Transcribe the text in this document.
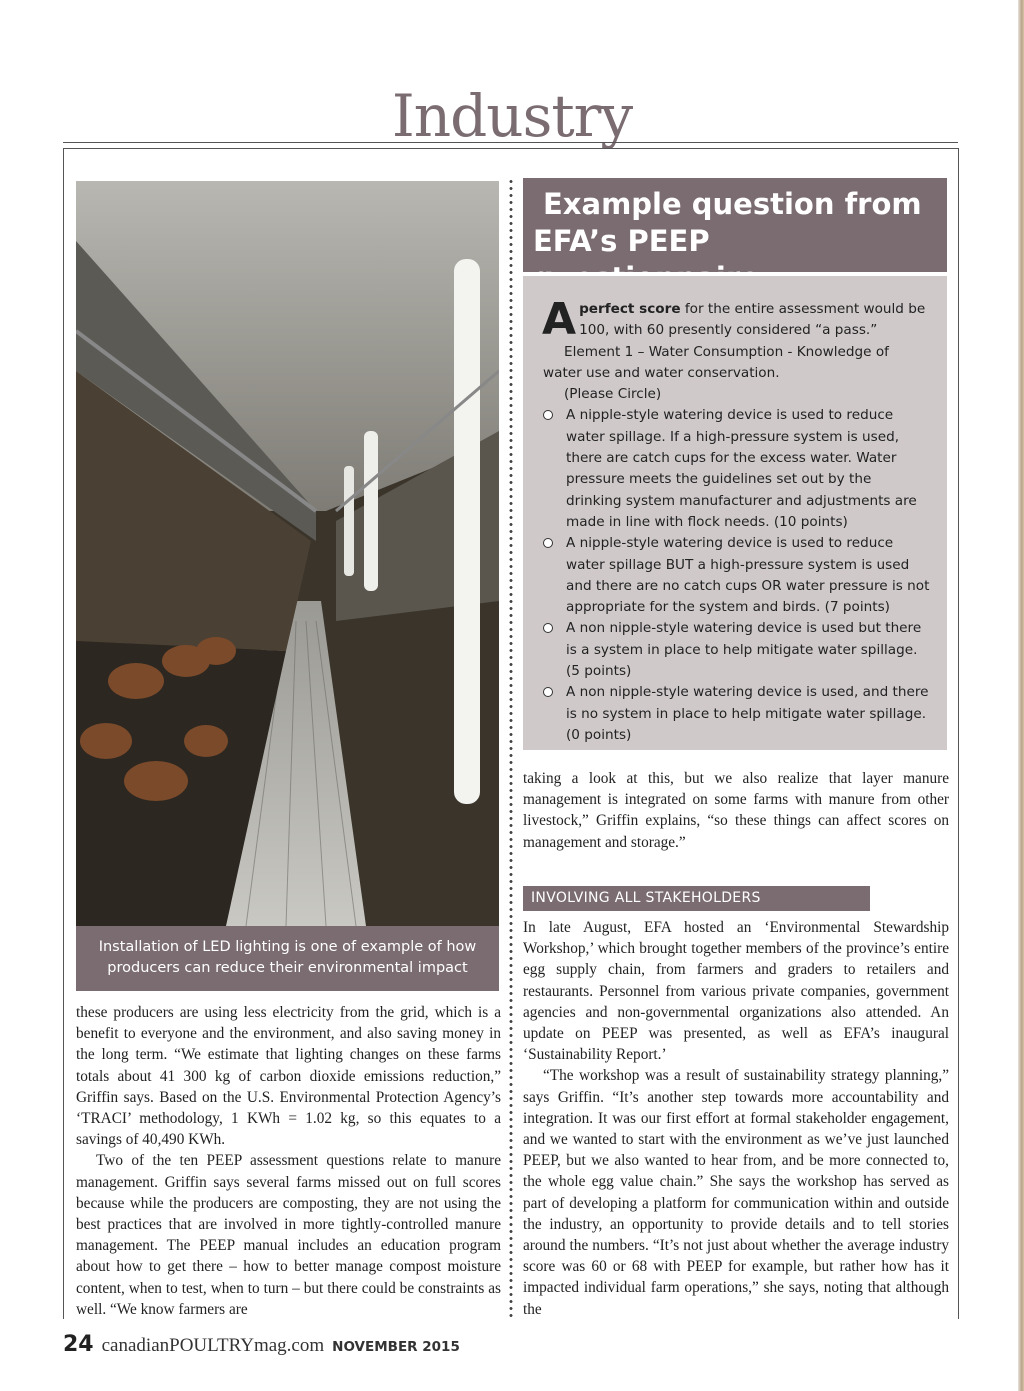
Industry
Installation of LED lighting is one of example of how
producers can reduce their environmental impact

these producers are using less electricity from the grid, which is a benefit to everyone and the environment, and also saving money in the long term. “We estimate that lighting changes on these farms totals about 41 300 kg of carbon dioxide emissions reduction,” Griffin says. Based on the U.S. Environmental Protection Agency’s ‘TRACI’ methodology, 1 KWh = 1.02 kg, so this equates to a savings of 40,490 KWh.

Two of the ten PEEP assessment questions relate to manure management. Griffin says several farms missed out on full scores because while the producers are composting, they are not using the best practices that are involved in more tightly-controlled manure management. The PEEP manual includes an education program about how to get there – how to better manage compost moisture content, when to test, when to turn – but there could be constraints as well. “We know farmers are

Example question from
EFA’s PEEP
Aperfect score for the entire assessment would be 100, with 60 presently considered “a pass.”
Element 1 – Water Consumption - Knowledge of water use and water conservation.
(Please Circle)
A nipple-style watering device is used to reduce water spillage. If a high-pressure system is used, there are catch cups for the excess water. Water pressure meets the guidelines set out by the drinking system manufacturer and adjustments are made in line with flock needs. (10 points)
A nipple-style watering device is used to reduce water spillage BUT a high-pressure system is used and there are no catch cups OR water pressure is not appropriate for the system and birds. (7 points)
A non nipple-style watering device is used but there is a system in place to help mitigate water spillage. (5 points)
A non nipple-style watering device is used, and there is no system in place to help mitigate water spillage. (0 points)

taking a look at this, but we also realize that layer manure management is integrated on some farms with manure from other livestock,” Griffin explains, “so these things can affect scores on management and storage.”

INVOLVING ALL STAKEHOLDERS

In late August, EFA hosted an ‘Environmental Stewardship Workshop,’ which brought together members of the province’s entire egg supply chain, from farmers and graders to retailers and restaurants. Personnel from various private companies, government agencies and non-governmental organizations also attended. An update on PEEP was presented, as well as EFA’s inaugural ‘Sustainability Report.’

“The workshop was a result of sustainability strategy planning,” says Griffin. “It’s another step towards more accountability and integration. It was our first effort at formal stakeholder engagement, and we wanted to start with the environment as we’ve just launched PEEP, but we also wanted to hear from, and be more connected to, the whole egg value chain.” She says the workshop has served as part of developing a platform for communication within and outside the industry, an opportunity to provide details and to tell stories around the numbers. “It’s not just about whether the average industry score was 60 or 68 with PEEP for example, but rather how has it impacted individual farm operations,” she says, noting that although the

24 canadianPOULTRYmag.com NOVEMBER 2015
